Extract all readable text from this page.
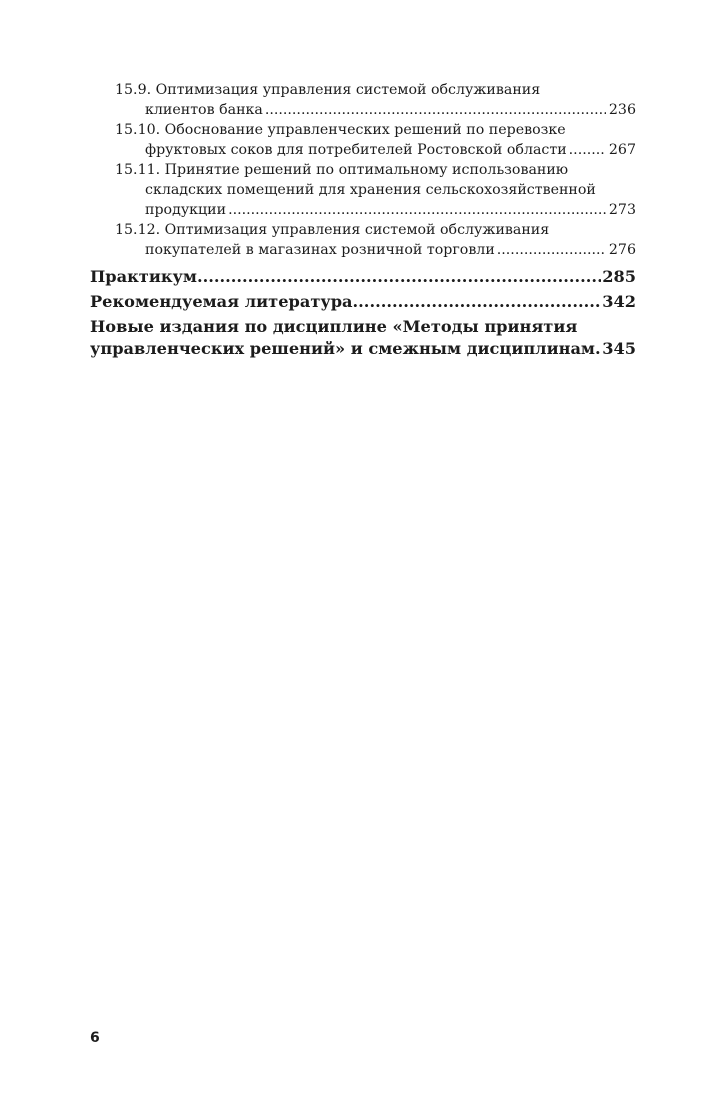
15.9. Оптимизация управления системой обслуживания
клиентов банка .....	236
15.10. Обоснование управленческих решений по перевозке
фруктовых соков для потребителей Ростовской области .....	267
15.11. Принятие решений по оптимальному использованию
складских помещений для хранения сельскохозяйственной
продукции .....	273
15.12. Оптимизация управления системой обслуживания
покупателей в магазинах розничной торговли .....	276
Практикум .....	285
Рекомендуемая литература .....	342
Новые издания по дисциплине «Методы принятия
управленческих решений» и смежным дисциплинам ..... 345
6
